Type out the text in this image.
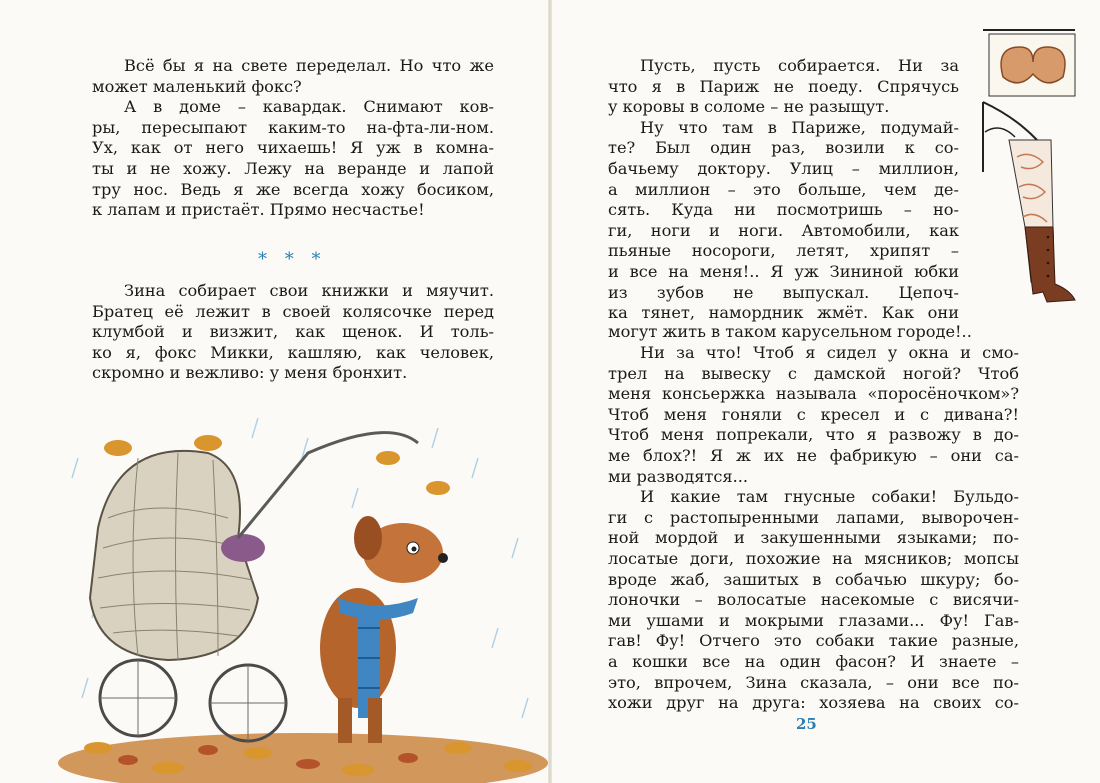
Всё бы я на свете переделал. Но что же
может маленький фокс?
А в доме – кавардак. Снимают ков-
ры, пересыпают каким-то на-фта-ли-ном.
Ух, как от него чихаешь! Я уж в комна-
ты и не хожу. Лежу на веранде и лапой
тру нос. Ведь я же всегда хожу босиком,
к лапам и пристаёт. Прямо несчастье!
* * *
Зина собирает свои книжки и мяучит.
Братец её лежит в своей колясочке перед
клумбой и визжит, как щенок. И толь-
ко я, фокс Микки, кашляю, как человек,
скромно и вежливо: у меня бронхит.
Пусть, пусть собирается. Ни за
что я в Париж не поеду. Спрячусь
у коровы в соломе – не разыщут.
Ну что там в Париже, подумай-
те? Был один раз, возили к со-
бачьему доктору. Улиц – миллион,
а миллион – это больше, чем де-
сять. Куда ни посмотришь – но-
ги, ноги и ноги. Автомобили, как
пьяные носороги, летят, хрипят –
и все на меня!.. Я уж Зининой юбки
из зубов не выпускал. Цепоч-
ка тянет, намордник жмёт. Как они
могут жить в таком карусельном городе!..
Ни за что! Чтоб я сидел у окна и смо-
трел на вывеску с дамской ногой? Чтоб
меня консьержка называла «поросёночком»?
Чтоб меня гоняли с кресел и с дивана?!
Чтоб меня попрекали, что я развожу в до-
ме блох?! Я ж их не фабрикую – они са-
ми разводятся...
И какие там гнусные собаки! Бульдо-
ги с растопыренными лапами, выворочен-
ной мордой и закушенными языками; по-
лосатые доги, похожие на мясников; мопсы
вроде жаб, зашитых в собачью шкуру; бо-
лоночки – волосатые насекомые с висячи-
ми ушами и мокрыми глазами... Фу! Гав-
гав! Фу! Отчего это собаки такие разные,
а кошки все на один фасон? И знаете –
это, впрочем, Зина сказала, – они все по-
хожи друг на друга: хозяева на своих со-
25
